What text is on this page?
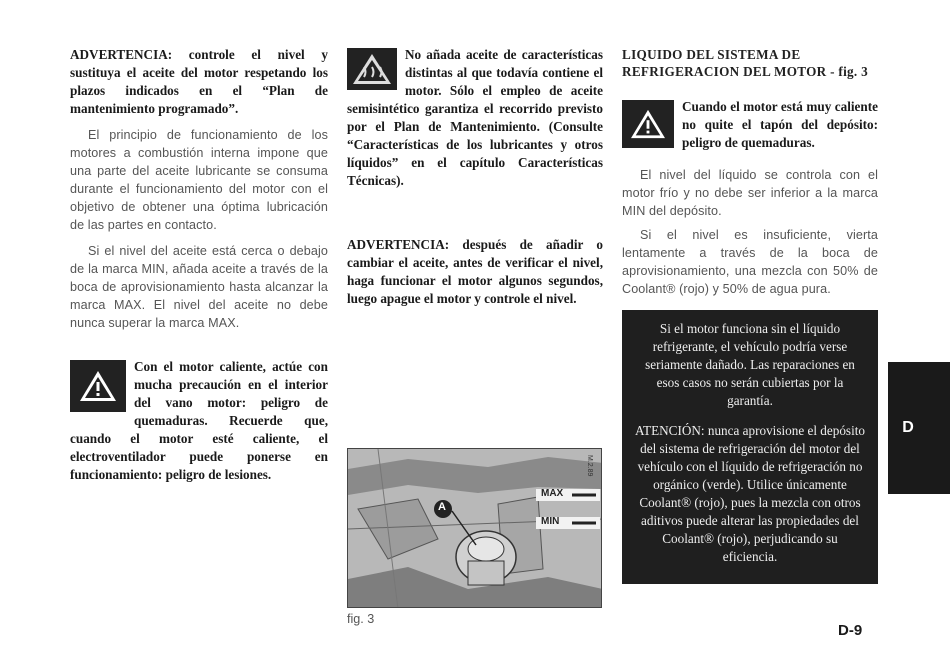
ADVERTENCIA: controle el nivel y sustituya el aceite del motor respetando los plazos indicados en el “Plan de mantenimiento programado”.

El principio de funcionamiento de los motores a combustión interna impone que una parte del aceite lubricante se consuma durante el funcionamiento del motor con el objetivo de obtener una óptima lubricación de las partes en contacto.

Si el nivel del aceite está cerca o debajo de la marca MIN, añada aceite a través de la boca de aprovisionamiento hasta alcanzar la marca MAX. El nivel del aceite no debe nunca superar la marca MAX.

Con el motor caliente, actúe con mucha precaución en el interior del vano motor: peligro de quemaduras. Recuerde que, cuando el motor esté caliente, el electroventilador puede ponerse en funcionamiento: peligro de lesiones.

No añada aceite de características distintas al que todavía contiene el motor. Sólo el empleo de aceite semisintético garantiza el recorrido previsto por el Plan de Mantenimiento. (Consulte “Características de los lubricantes y otros líquidos” en el capítulo Características Técnicas).

ADVERTENCIA: después de añadir o cambiar el aceite, antes de verificar el nivel, haga funcionar el motor algunos segundos, luego apague el motor y controle el nivel.

A
MAX
MIN
M.2.89
fig. 3
LIQUIDO DEL SISTEMA DE
REFRIGERACION DEL MOTOR - fig. 3

Cuando el motor está muy caliente no quite el tapón del depósito: peligro de quemaduras.

El nivel del líquido se controla con el motor frío y no debe ser inferior a la marca MIN del depósito.

Si el nivel es insuficiente, vierta lentamente a través de la boca de aprovisionamiento, una mezcla con 50% de Coolant® (rojo) y 50% de agua pura.

Si el motor funciona sin el líquido refrigerante, el vehículo podría verse seriamente dañado. Las reparaciones en esos casos no serán cubiertas por la garantía.

ATENCIÓN: nunca aprovisione el depósito del sistema de refrigeración del motor del vehículo con el líquido de refrigeración no orgánico (verde). Utilice únicamente Coolant® (rojo), pues la mezcla con otros aditivos puede alterar las propiedades del Coolant® (rojo), perjudicando su eficiencia.

D
D-9
